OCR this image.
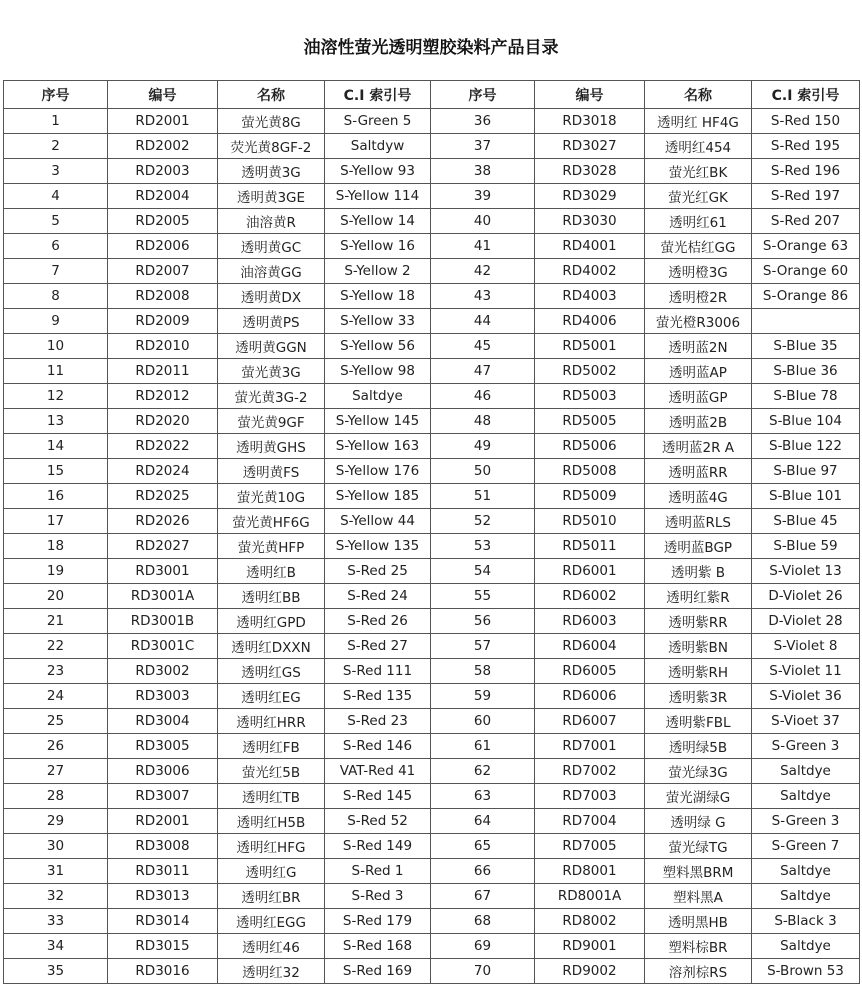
油溶性萤光透明塑胶染料产品目录
序号	编号	名称	C.I 索引号	序号	编号	名称	C.I 索引号
1	RD2001	萤光黄8G	S-Green 5	36	RD3018	透明红 HF4G	S-Red 150
2	RD2002	荧光黄8GF-2	Saltdyw	37	RD3027	透明红454	S-Red 195
3	RD2003	透明黄3G	S-Yellow 93	38	RD3028	萤光红BK	S-Red 196
4	RD2004	透明黄3GE	S-Yellow 114	39	RD3029	萤光红GK	S-Red 197
5	RD2005	油溶黄R	S-Yellow 14	40	RD3030	透明红61	S-Red 207
6	RD2006	透明黄GC	S-Yellow 16	41	RD4001	萤光桔红GG	S-Orange 63
7	RD2007	油溶黄GG	S-Yellow 2	42	RD4002	透明橙3G	S-Orange 60
8	RD2008	透明黄DX	S-Yellow 18	43	RD4003	透明橙2R	S-Orange 86
9	RD2009	透明黄PS	S-Yellow 33	44	RD4006	萤光橙R3006	
10	RD2010	透明黄GGN	S-Yellow 56	45	RD5001	透明蓝2N	S-Blue 35
11	RD2011	萤光黄3G	S-Yellow 98	47	RD5002	透明蓝AP	S-Blue 36
12	RD2012	萤光黄3G-2	Saltdye	46	RD5003	透明蓝GP	S-Blue 78
13	RD2020	萤光黄9GF	S-Yellow 145	48	RD5005	透明蓝2B	S-Blue 104
14	RD2022	透明黄GHS	S-Yellow 163	49	RD5006	透明蓝2R A	S-Blue 122
15	RD2024	透明黄FS	S-Yellow 176	50	RD5008	透明蓝RR	S-Blue 97
16	RD2025	萤光黄10G	S-Yellow 185	51	RD5009	透明蓝4G	S-Blue 101
17	RD2026	萤光黄HF6G	S-Yellow 44	52	RD5010	透明蓝RLS	S-Blue 45
18	RD2027	萤光黄HFP	S-Yellow 135	53	RD5011	透明蓝BGP	S-Blue 59
19	RD3001	透明红B	S-Red 25	54	RD6001	透明紫 B	S-Violet 13
20	RD3001A	透明红BB	S-Red 24	55	RD6002	透明红紫R	D-Violet 26
21	RD3001B	透明红GPD	S-Red 26	56	RD6003	透明紫RR	D-Violet 28
22	RD3001C	透明红DXXN	S-Red 27	57	RD6004	透明紫BN	S-Violet 8
23	RD3002	透明红GS	S-Red 111	58	RD6005	透明紫RH	S-Violet 11
24	RD3003	透明红EG	S-Red 135	59	RD6006	透明紫3R	S-Violet 36
25	RD3004	透明红HRR	S-Red 23	60	RD6007	透明紫FBL	S-Vioet 37
26	RD3005	透明红FB	S-Red 146	61	RD7001	透明绿5B	S-Green 3
27	RD3006	萤光红5B	VAT-Red 41	62	RD7002	萤光绿3G	Saltdye
28	RD3007	透明红TB	S-Red 145	63	RD7003	萤光湖绿G	Saltdye
29	RD2001	透明红H5B	S-Red 52	64	RD7004	透明绿 G	S-Green 3
30	RD3008	透明红HFG	S-Red 149	65	RD7005	萤光绿TG	S-Green 7
31	RD3011	透明红G	S-Red 1	66	RD8001	塑料黑BRM	Saltdye
32	RD3013	透明红BR	S-Red 3	67	RD8001A	塑料黑A	Saltdye
33	RD3014	透明红EGG	S-Red 179	68	RD8002	透明黑HB	S-Black 3
34	RD3015	透明红46	S-Red 168	69	RD9001	塑料棕BR	Saltdye
35	RD3016	透明红32	S-Red 169	70	RD9002	溶剂棕RS	S-Brown 53
